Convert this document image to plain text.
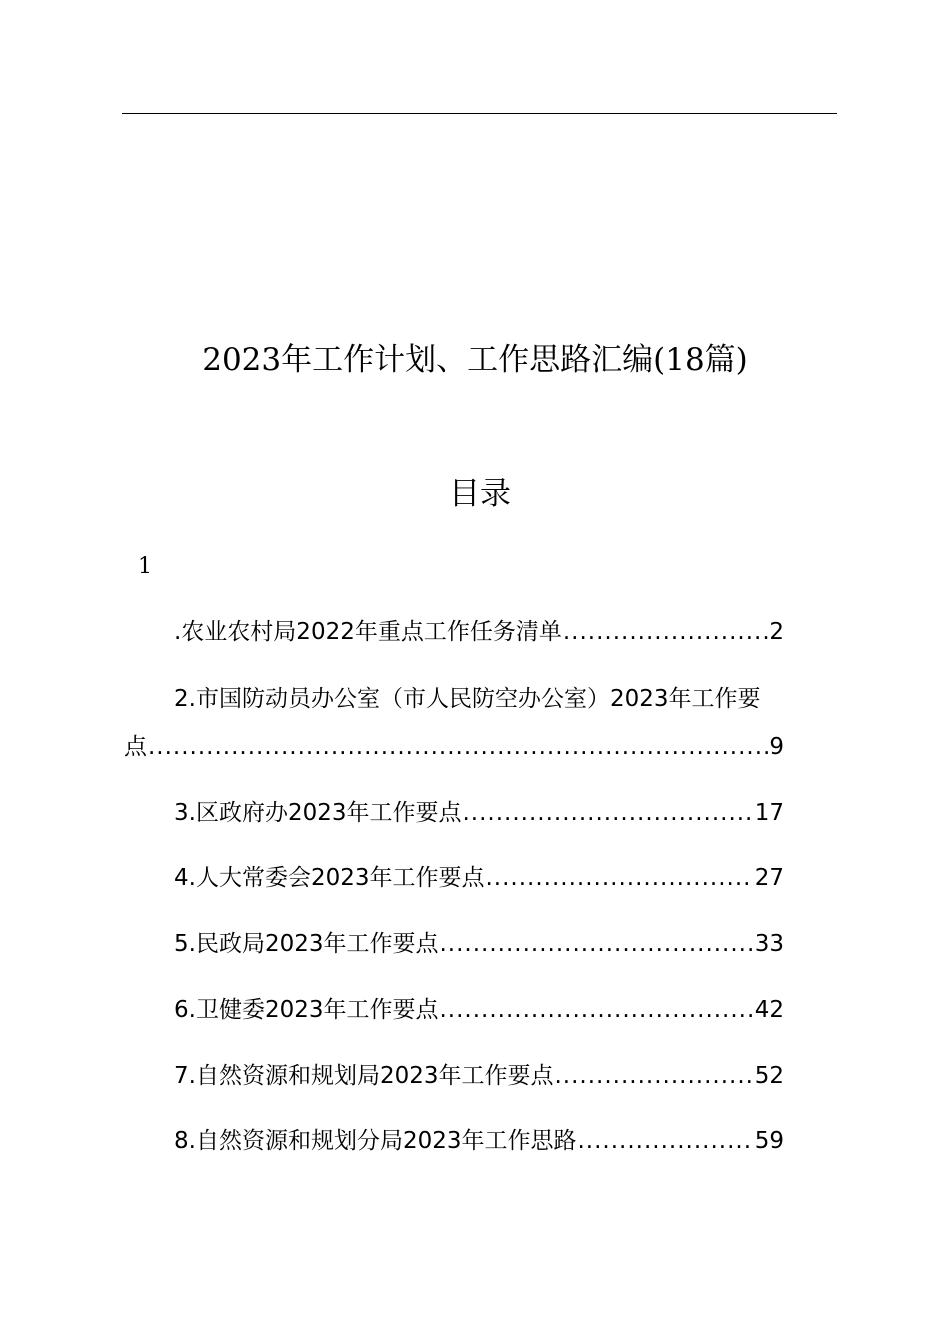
2023年工作计划、工作思路汇编(18篇)
目录
1
.农业农村局2022年重点工作任务清单 .....	2
2.市国防动员办公室（市人民防空办公室）2023年工作要
点 .....	9
3.区政府办2023年工作要点 .....	17
4.人大常委会2023年工作要点 .....	27
5.民政局2023年工作要点 .....	33
6.卫健委2023年工作要点 .....	42
7.自然资源和规划局2023年工作要点 .....	52
8.自然资源和规划分局2023年工作思路 .....	59
